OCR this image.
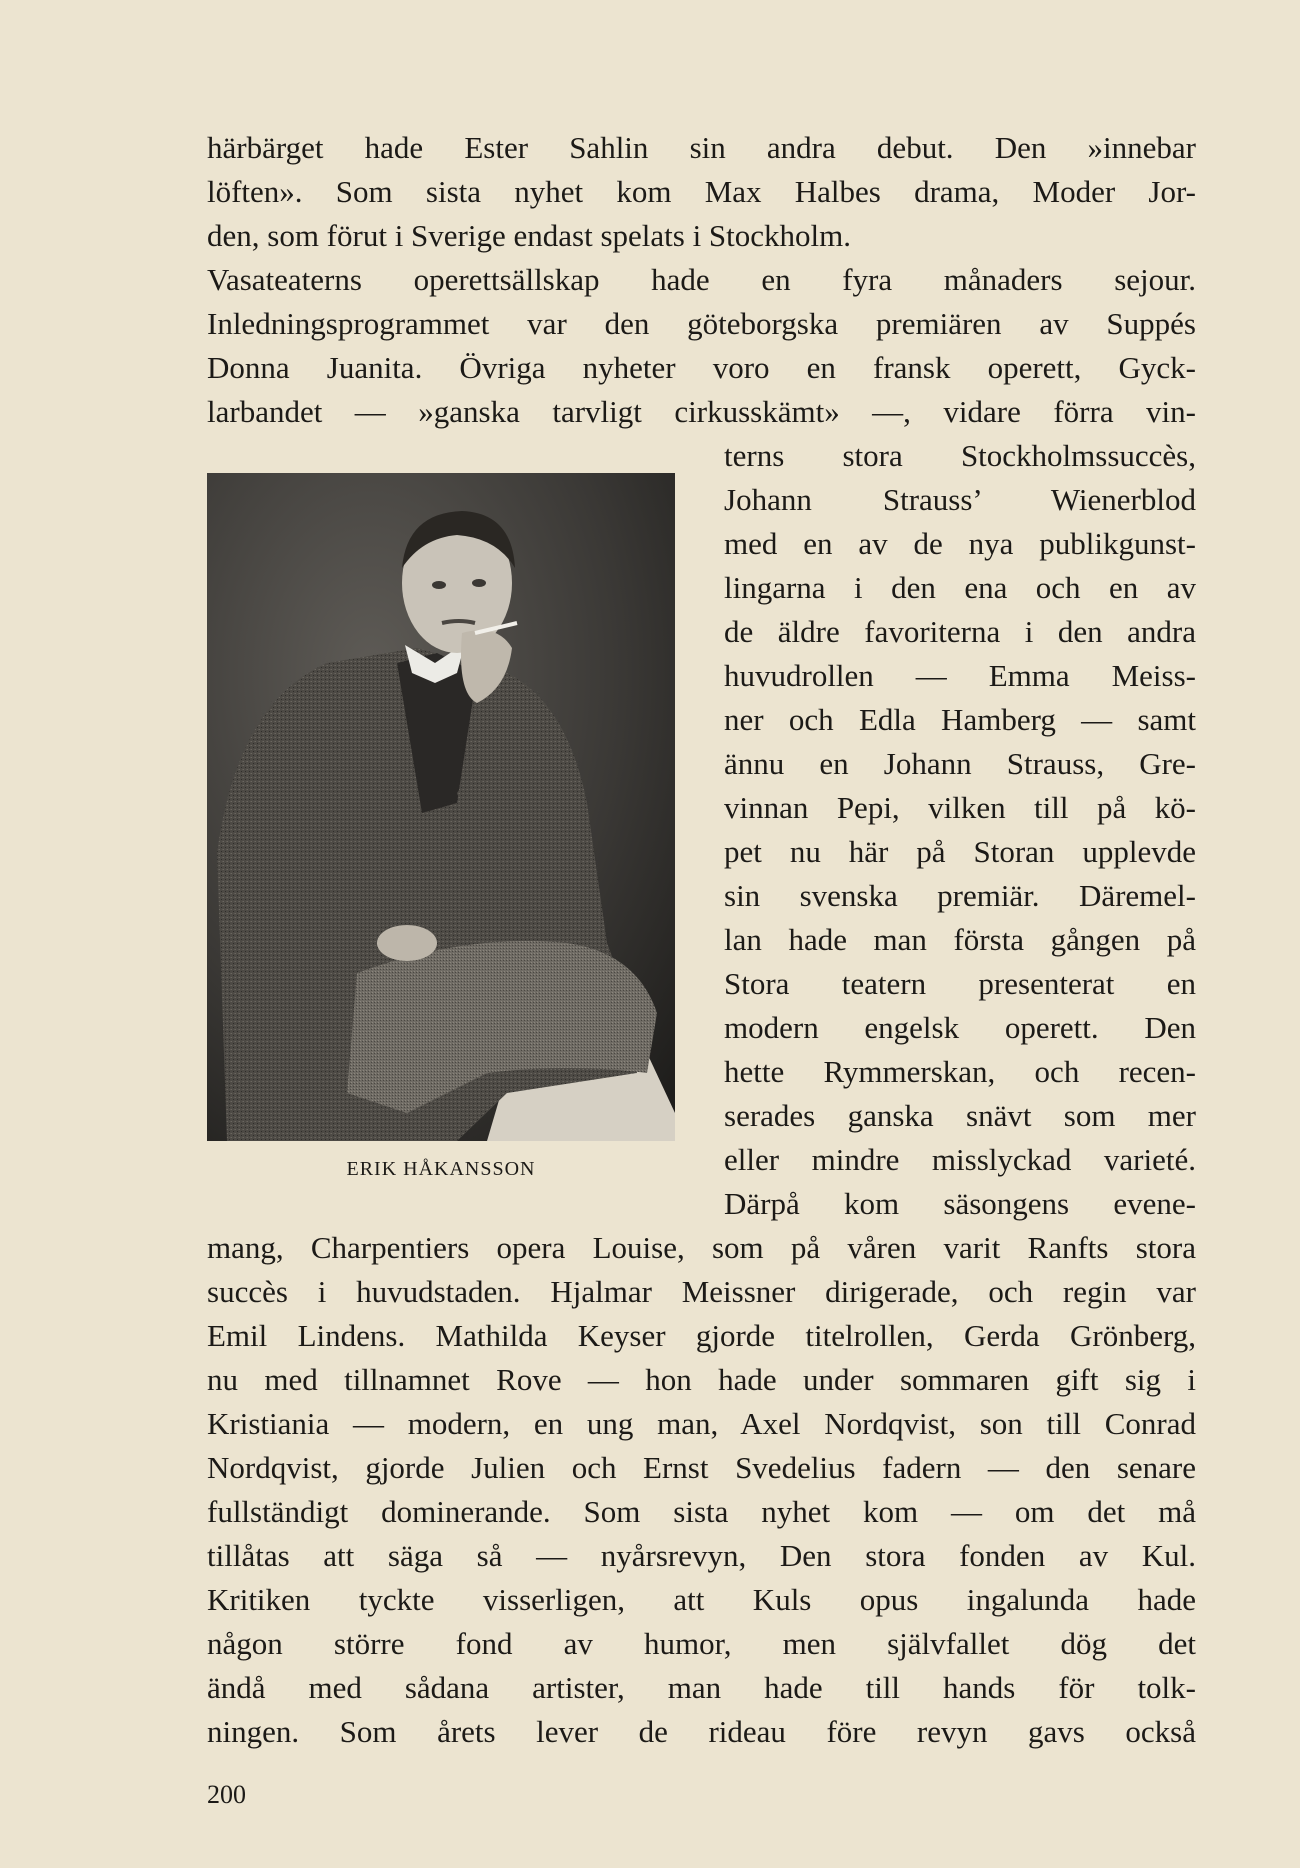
härbärget hade Ester Sahlin sin andra debut. Den »innebar
löften». Som sista nyhet kom Max Halbes drama, Moder Jor-
den, som förut i Sverige endast spelats i Stockholm.
Vasateaterns operettsällskap hade en fyra månaders sejour.
Inledningsprogrammet var den göteborgska premiären av Suppés
Donna Juanita. Övriga nyheter voro en fransk operett, Gyck-
larbandet — »ganska tarvligt cirkusskämt» —, vidare förra vin-
terns stora Stockholmssuccès,
Johann Strauss’ Wienerblod
med en av de nya publikgunst-
lingarna i den ena och en av
de äldre favoriterna i den andra
huvudrollen — Emma Meiss-
ner och Edla Hamberg — samt
ännu en Johann Strauss, Gre-
vinnan Pepi, vilken till på kö-
pet nu här på Storan upplevde
sin svenska premiär. Däremel-
lan hade man första gången på
Stora teatern presenterat en
modern engelsk operett. Den
hette Rymmerskan, och recen-
serades ganska snävt som mer
eller mindre misslyckad varieté.
Därpå kom säsongens evene-
mang, Charpentiers opera Louise, som på våren varit Ranfts stora
succès i huvudstaden. Hjalmar Meissner dirigerade, och regin var
Emil Lindens. Mathilda Keyser gjorde titelrollen, Gerda Grönberg,
nu med tillnamnet Rove — hon hade under sommaren gift sig i
Kristiania — modern, en ung man, Axel Nordqvist, son till Conrad
Nordqvist, gjorde Julien och Ernst Svedelius fadern — den senare
fullständigt dominerande. Som sista nyhet kom — om det må
tillåtas att säga så — nyårsrevyn, Den stora fonden av Kul.
Kritiken tyckte visserligen, att Kuls opus ingalunda hade
någon större fond av humor, men självfallet dög det
ändå med sådana artister, man hade till hands för tolk-
ningen. Som årets lever de rideau före revyn gavs också
ERIK HÅKANSSON
200
